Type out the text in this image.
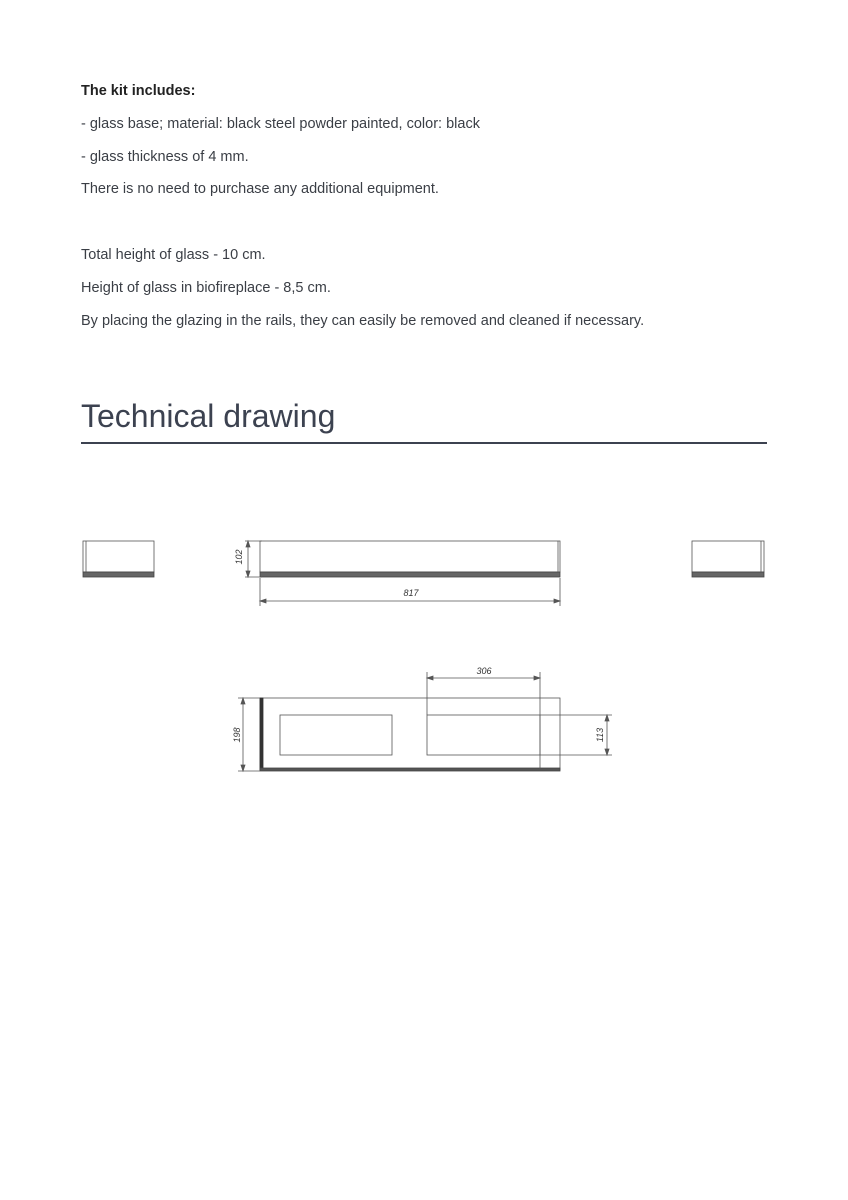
The kit includes:
- glass base; material: black steel powder painted, color: black
- glass thickness of 4 mm.
There is no need to purchase any additional equipment.
Total height of glass - 10 cm.
Height of glass in biofireplace - 8,5 cm.
By placing the glazing in the rails, they can easily be removed and cleaned if necessary.
Technical drawing
817
102
306
198	113
